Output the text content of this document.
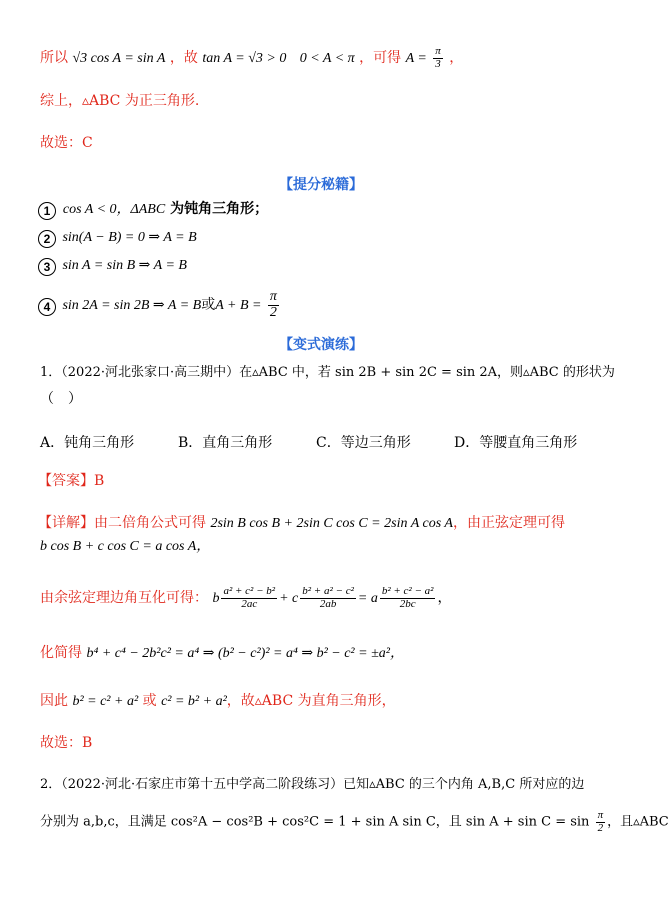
所以 √3 cos A = sin A ，故 tan A = √3 > 0 0 < A < π ，可得 $A = \frac{\pi}{3}$ ，
综上，▵ABC 为正三角形.
故选：C
【提分秘籍】
1 cos A < 0，ΔABC 为钝角三角形；
2 sin(A − B) = 0 ⇒ A = B
3 sin A = sin B ⇒ A = B
4 sin 2A = sin 2B ⇒ A = B或$A + B = \frac{\pi}{2}$
【变式演练】
1．（2022·河北张家口·高三期中）在▵ABC 中，若 sin 2B + sin 2C = sin 2A，则▵ABC 的形状为
（　）
A．钝角三角形	B．直角三角形	C．等边三角形	D．等腰直角三角形
【答案】B
【详解】由二倍角公式可得 2sin B cos B + 2sin C cos C = 2sin A cos A，由正弦定理可得
b cos B + c cos C = a cos A，
由余弦定理边角互化可得： b $\frac{\text{a² + c² − b²}}{2ac} + c \frac{\text{b² + a² − c²}}{2ab} = a \frac{\text{b² + c² − a²}}{2bc}$ ，
化简得 b⁴ + c⁴ − 2b²c² = a⁴ ⇒ (b² − c²)² = a⁴ ⇒ b² − c² = ±a²，
因此 b² = c² + a² 或 c² = b² + a²，故▵ABC 为直角三角形，
故选：B
2．（2022·河北·石家庄市第十五中学高二阶段练习）已知▵ABC 的三个内角 A,B,C 所对应的边
分别为 a,b,c，且满足 cos²A − cos²B + cos²C = 1 + sin A sin C，且 $\sin A + \sin C = \sin \frac{\pi}{2}$ ，且▵ABC
